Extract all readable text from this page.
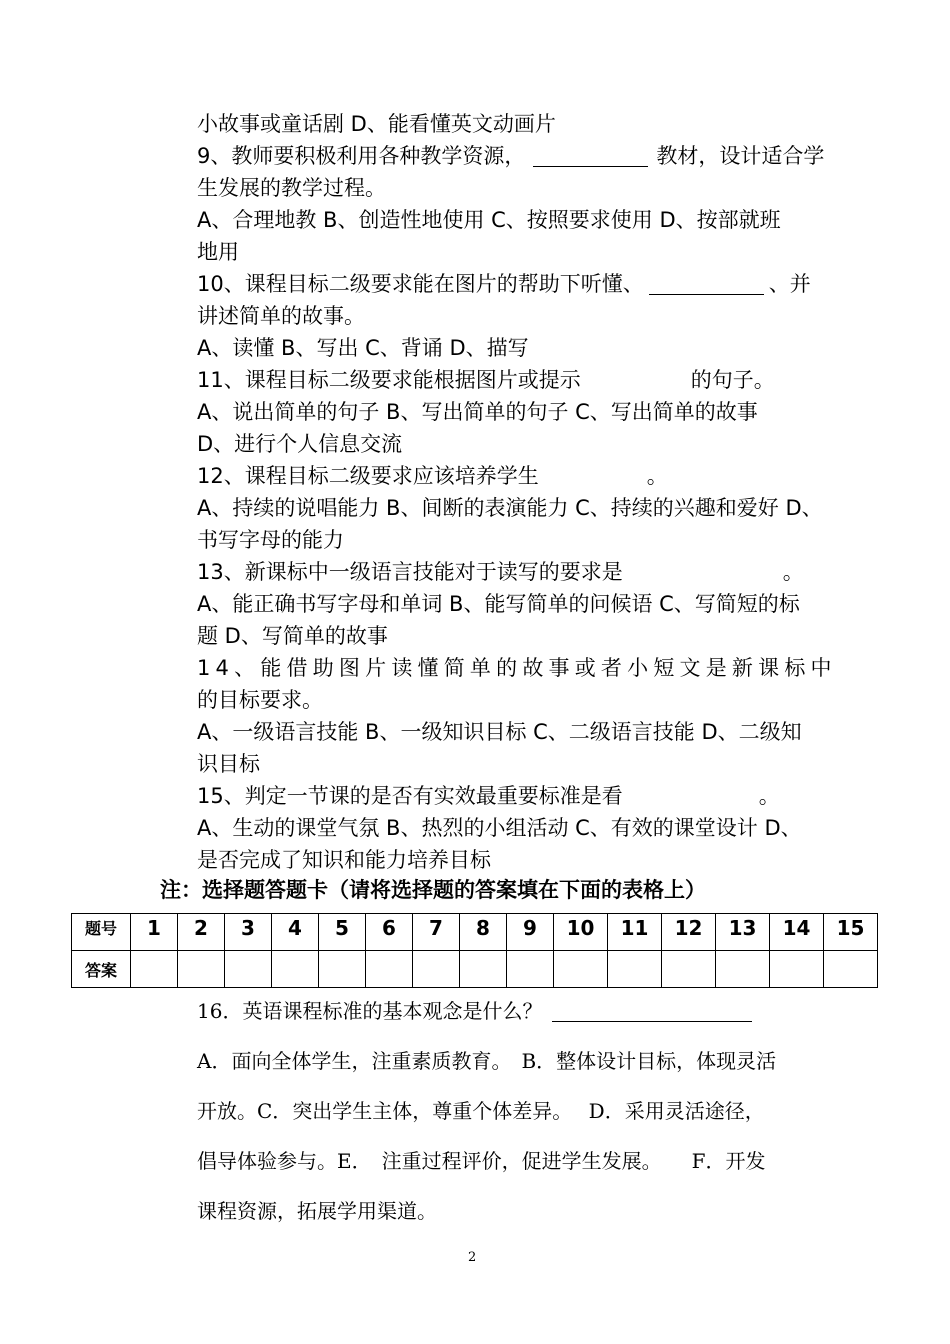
小故事或童话剧 D、能看懂英文动画片
9、教师要积极利用各种教学资源，	教材，设计适合学
生发展的教学过程。
A、合理地教 B、创造性地使用 C、按照要求使用 D、按部就班
地用
10、课程目标二级要求能在图片的帮助下听懂、	、并
讲述简单的故事。
A、读懂 B、写出 C、背诵 D、描写
11、课程目标二级要求能根据图片或提示	的句子。
A、说出简单的句子 B、写出简单的句子 C、写出简单的故事
D、进行个人信息交流
12、课程目标二级要求应该培养学生	。
A、持续的说唱能力 B、间断的表演能力 C、持续的兴趣和爱好 D、
书写字母的能力
13、新课标中一级语言技能对于读写的要求是	。
A、能正确书写字母和单词 B、能写简单的问候语 C、写简短的标
题 D、写简单的故事
14、能借助图片读懂简单的故事或者小短文是新课标中
的目标要求。
A、一级语言技能 B、一级知识目标 C、二级语言技能 D、二级知
识目标
15、判定一节课的是否有实效最重要标准是看	。
A、生动的课堂气氛 B、热烈的小组活动 C、有效的课堂设计 D、
是否完成了知识和能力培养目标
注：选择题答题卡（请将选择题的答案填在下面的表格上）
题号	1	2	3	4	5	6	7	8	9	10	11	12	13	14	15
答案															
16．英语课程标准的基本观念是什么？
A．面向全体学生，注重素质教育。　B．整体设计目标，体现灵活
开放。C．突出学生主体，尊重个体差异。　 D．采用灵活途径，
倡导体验参与。E．　注重过程评价，促进学生发展。　　F．开发
课程资源，拓展学用渠道。
2
